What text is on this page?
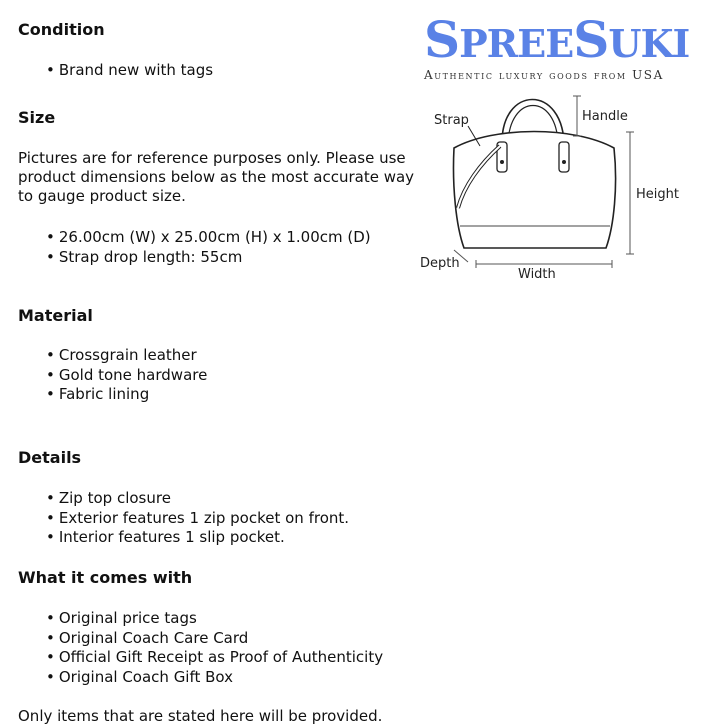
Condition
• Brand new with tags
Size

Pictures are for reference purposes only. Please use product dimensions below as the most accurate way to gauge product size.

• 26.00cm (W) x 25.00cm (H) x 1.00cm (D)
• Strap drop length: 55cm
Material
• Crossgrain leather
• Gold tone hardware
• Fabric lining
Details
• Zip top closure
• Exterior features 1 zip pocket on front.
• Interior features 1 slip pocket.
What it comes with
• Original price tags
• Original Coach Care Card
• Official Gift Receipt as Proof of Authenticity
• Original Coach Gift Box

Only items that are stated here will be provided.

SPREESUKI
Authentic luxury goods from USA
Strap	Handle
Height
Width
Depth
